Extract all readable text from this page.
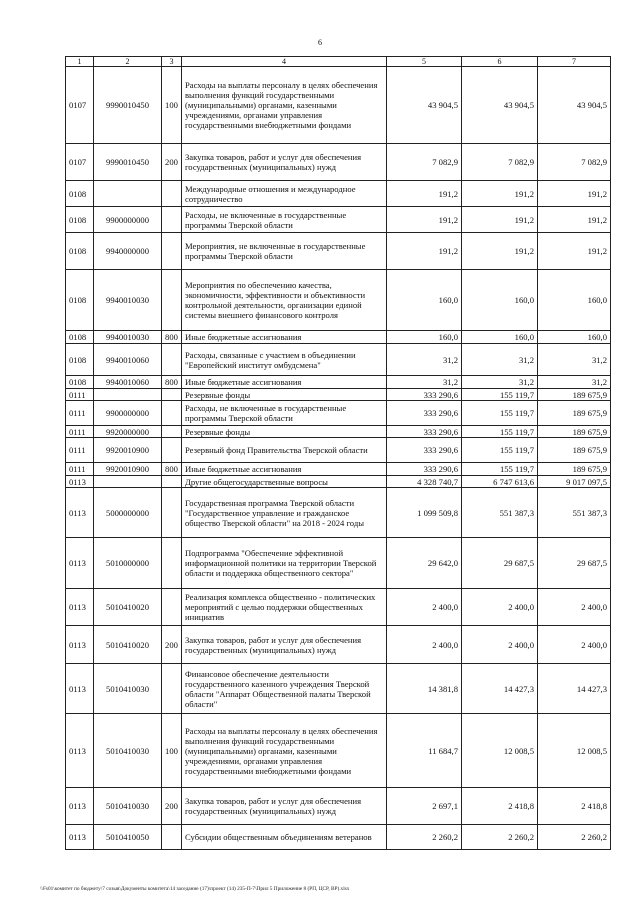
6
1	2	3	4	5	6	7
0107	9990010450	100	Расходы на выплаты персоналу в целях обеспечения выполнения функций государственными (муниципальными) органами, казенными учреждениями, органами управления государственными внебюджетными фондами	43 904,5	43 904,5	43 904,5
0107	9990010450	200	Закупка товаров, работ и услуг для обеспечения государственных (муниципальных) нужд	7 082,9	7 082,9	7 082,9
0108			Международные отношения и международное сотрудничество	191,2	191,2	191,2
0108	9900000000		Расходы, не включенные в государственные программы Тверской области	191,2	191,2	191,2
0108	9940000000		Мероприятия, не включенные в государственные программы Тверской области	191,2	191,2	191,2
0108	9940010030		Мероприятия по обеспечению качества, экономичности, эффективности и объективности контрольной деятельности, организации единой системы внешнего финансового контроля	160,0	160,0	160,0
0108	9940010030	800	Иные бюджетные ассигнования	160,0	160,0	160,0
0108	9940010060		Расходы, связанные с участием в объединении "Европейский институт омбудсмена"	31,2	31,2	31,2
0108	9940010060	800	Иные бюджетные ассигнования	31,2	31,2	31,2
0111			Резервные фонды	333 290,6	155 119,7	189 675,9
0111	9900000000		Расходы, не включенные в государственные программы Тверской области	333 290,6	155 119,7	189 675,9
0111	9920000000		Резервные фонды	333 290,6	155 119,7	189 675,9
0111	9920010900		Резервный фонд Правительства Тверской области	333 290,6	155 119,7	189 675,9
0111	9920010900	800	Иные бюджетные ассигнования	333 290,6	155 119,7	189 675,9
0113			Другие общегосударственные вопросы	4 328 740,7	6 747 613,6	9 017 097,5
0113	5000000000		Государственная программа Тверской области "Государственное управление и гражданское общество Тверской области" на 2018 - 2024 годы	1 099 509,8	551 387,3	551 387,3
0113	5010000000		Подпрограмма "Обеспечение эффективной информационной политики на территории Тверской области и поддержка общественного сектора"	29 642,0	29 687,5	29 687,5
0113	5010410020		Реализация комплекса общественно - политических мероприятий с целью поддержки общественных инициатив	2 400,0	2 400,0	2 400,0
0113	5010410020	200	Закупка товаров, работ и услуг для обеспечения государственных (муниципальных) нужд	2 400,0	2 400,0	2 400,0
0113	5010410030		Финансовое обеспечение деятельности государственного казенного учреждения Тверской области "Аппарат Общественной палаты Тверской области"	14 381,8	14 427,3	14 427,3
0113	5010410030	100	Расходы на выплаты персоналу в целях обеспечения выполнения функций государственными (муниципальными) органами, казенными учреждениями, органами управления государственными внебюджетными фондами	11 684,7	12 008,5	12 008,5
0113	5010410030	200	Закупка товаров, работ и услуг для обеспечения государственных (муниципальных) нужд	2 697,1	2 418,8	2 418,8
0113	5010410050		Субсидии общественным объединениям ветеранов	2 260,2	2 260,2	2 260,2
\\Fs01\комитет по бюджету\7 созыв\Документы комитета\14 заседание (17)\проект (14) 235-П-7\Прил 5 Приложение 8 (РП, ЦСР, ВР).xlsx
